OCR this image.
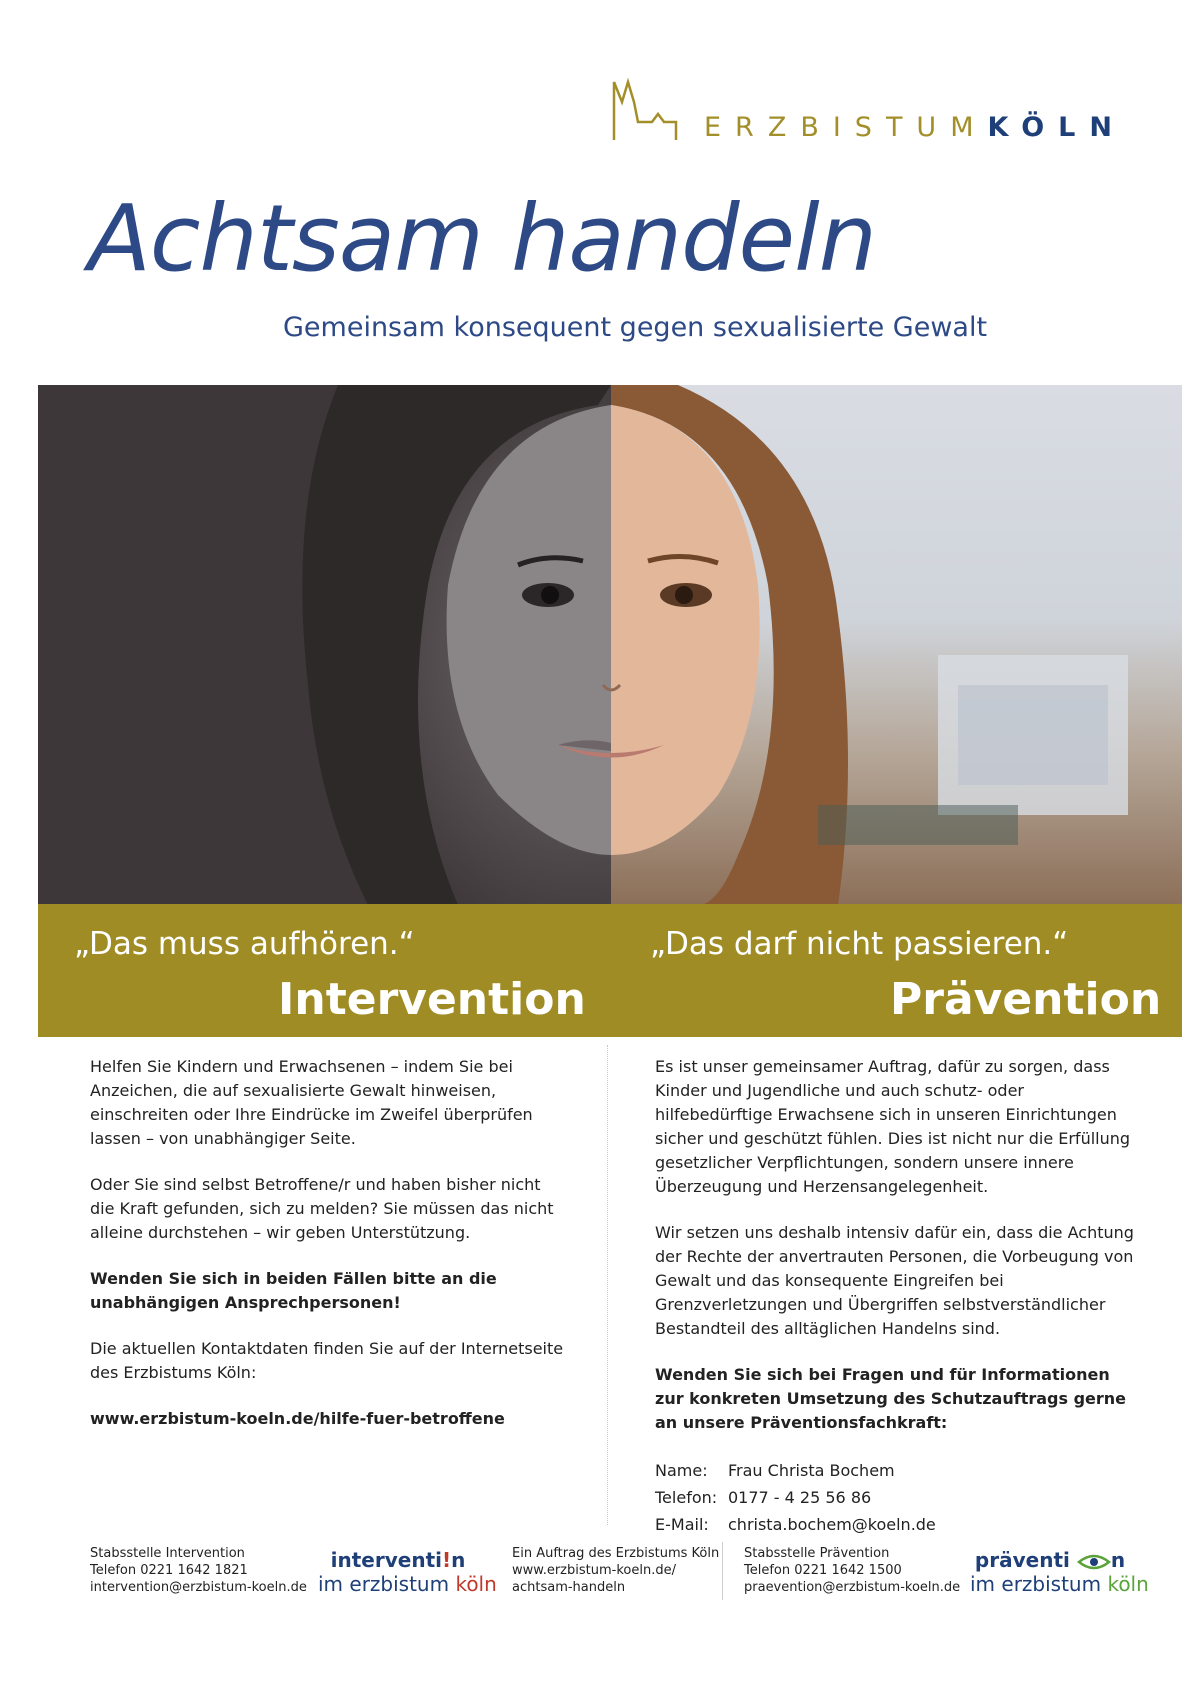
ERZBISTUMKÖLN
Achtsam handeln
Gemeinsam konsequent gegen sexualisierte Gewalt
„Das muss aufhören.“
Intervention
„Das darf nicht passieren.“
Prävention

Helfen Sie Kindern und Erwachsenen – indem Sie bei Anzeichen, die auf sexualisierte Gewalt hinweisen, einschreiten oder Ihre Eindrücke im Zweifel überprüfen lassen – von unabhängiger Seite.

Oder Sie sind selbst Betroffene/r und haben bisher nicht die Kraft gefunden, sich zu melden? Sie müssen das nicht alleine durchstehen – wir geben Unterstützung.

Wenden Sie sich in beiden Fällen bitte an die unabhängigen Ansprechpersonen!

Die aktuellen Kontaktdaten finden Sie auf der Internetseite des Erzbistums Köln:

www.erzbistum-koeln.de/hilfe-fuer-betroffene

Es ist unser gemeinsamer Auftrag, dafür zu sorgen, dass Kinder und Jugendliche und auch schutz- oder hilfebedürftige Erwachsene sich in unseren Einrichtungen sicher und geschützt fühlen. Dies ist nicht nur die Erfüllung gesetzlicher Verpflichtungen, sondern unsere innere Überzeugung und Herzensangelegenheit.

Wir setzen uns deshalb intensiv dafür ein, dass die Achtung der Rechte der anvertrauten Personen, die Vorbeugung von Gewalt und das konsequente Eingreifen bei Grenzverletzungen und Übergriffen selbstverständlicher Bestandteil des alltäglichen Handelns sind.

Wenden Sie sich bei Fragen und für Informationen zur konkreten Umsetzung des Schutzauftrags gerne an unsere Präventionsfachkraft:

Name:	Frau Christa Bochem
Telefon: 0177 - 4 25 56 86
E-Mail:	christa.bochem@koeln.de
Stabsstelle Intervention
Telefon 0221 1642 1821
intervention@erzbistum-koeln.de
interventi!n
im erzbistum köln
Ein Auftrag des Erzbistums Köln
www.erzbistum-koeln.de/
achtsam-handeln
Stabsstelle Prävention
Telefon 0221 1642 1500
praevention@erzbistum-koeln.de
präventi n
im erzbistum köln
